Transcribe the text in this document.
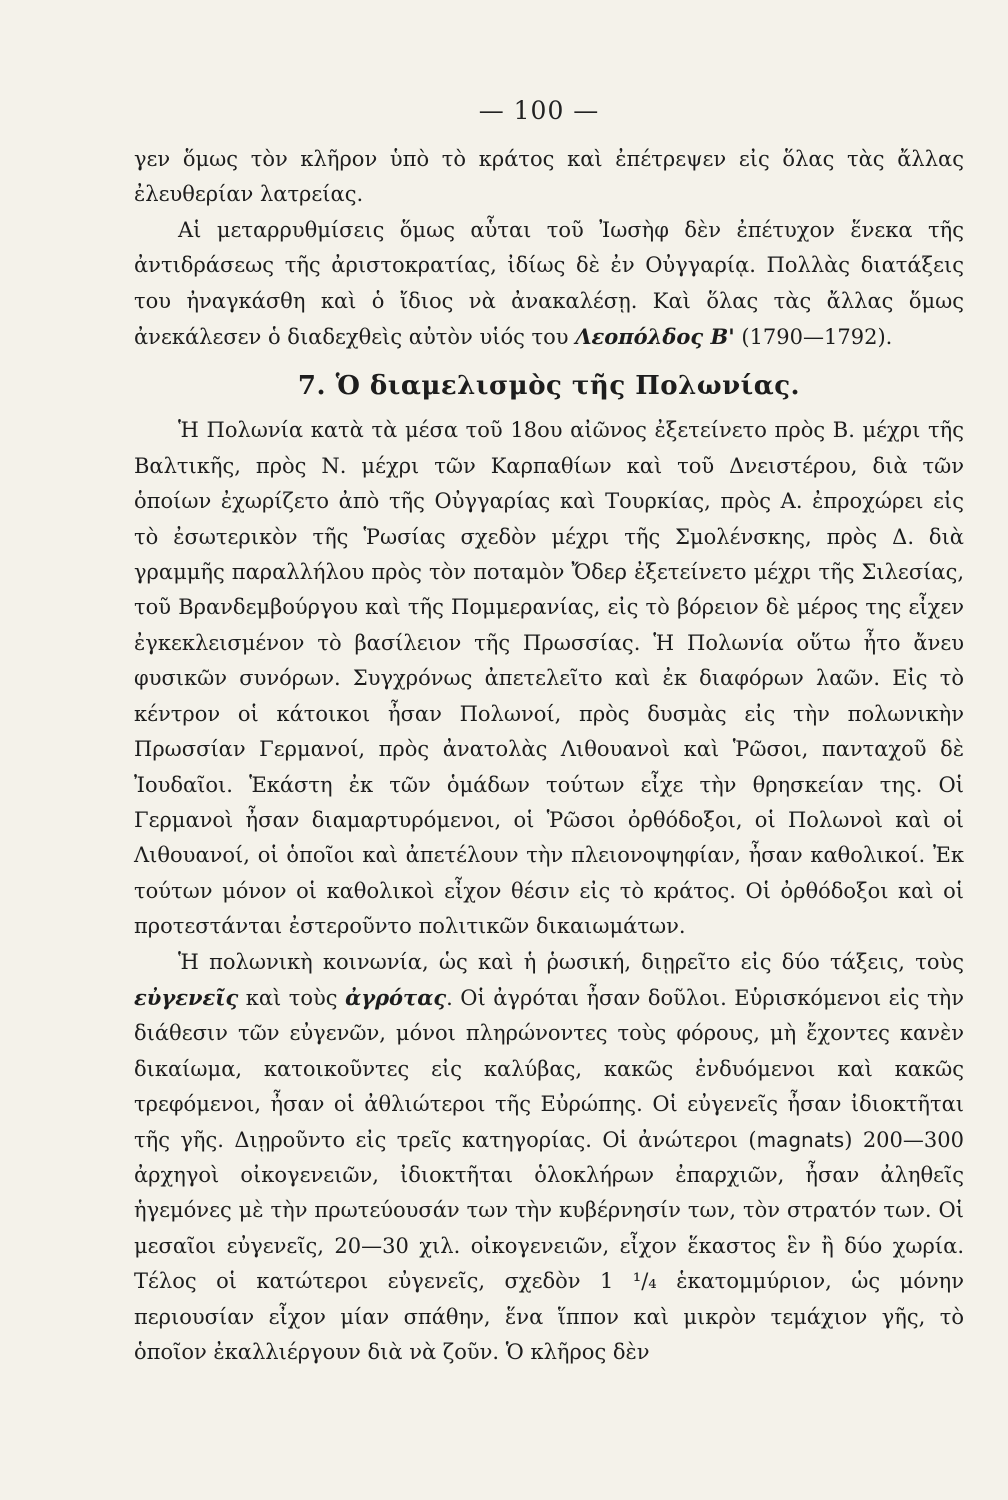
— 100 —

γεν ὅμως τὸν κλῆρον ὑπὸ τὸ κράτος καὶ ἐπέτρεψεν εἰς ὅλας τὰς ἄλλας ἐλευθερίαν λατρείας.

Αἱ μεταρρυθμίσεις ὅμως αὗται τοῦ Ἰωσὴφ δὲν ἐπέτυχον ἕνεκα τῆς ἀντιδράσεως τῆς ἀριστοκρατίας, ἰδίως δὲ ἐν Οὐγγαρίᾳ. Πολλὰς διατάξεις του ἠναγκάσθη καὶ ὁ ἴδιος νὰ ἀνακαλέσῃ. Καὶ ὅλας τὰς ἄλλας ὅμως ἀνεκάλεσεν ὁ διαδεχθεὶς αὐτὸν υἱός του Λεοπόλδος Β' (1790—1792).

7. Ὁ διαμελισμὸς τῆς Πολωνίας.

Ἡ Πολωνία κατὰ τὰ μέσα τοῦ 18ου αἰῶνος ἐξετείνετο πρὸς Β. μέχρι τῆς Βαλτικῆς, πρὸς Ν. μέχρι τῶν Καρπαθίων καὶ τοῦ Δνειστέρου, διὰ τῶν ὁποίων ἐχωρίζετο ἀπὸ τῆς Οὐγγαρίας καὶ Τουρκίας, πρὸς Α. ἐπροχώρει εἰς τὸ ἐσωτερικὸν τῆς Ῥωσίας σχεδὸν μέχρι τῆς Σμολένσκης, πρὸς Δ. διὰ γραμμῆς παραλλήλου πρὸς τὸν ποταμὸν Ὄδερ ἐξετείνετο μέχρι τῆς Σιλεσίας, τοῦ Βρανδεμβούργου καὶ τῆς Πομμερανίας, εἰς τὸ βόρειον δὲ μέρος της εἶχεν ἐγκεκλεισμένον τὸ βασίλειον τῆς Πρωσσίας. Ἡ Πολωνία οὕτω ἦτο ἄνευ φυσικῶν συνόρων. Συγχρόνως ἀπετελεῖτο καὶ ἐκ διαφόρων λαῶν. Εἰς τὸ κέντρον οἱ κάτοικοι ἦσαν Πολωνοί, πρὸς δυσμὰς εἰς τὴν πολωνικὴν Πρωσσίαν Γερμανοί, πρὸς ἀνατολὰς Λιθουανοὶ καὶ Ῥῶσοι, πανταχοῦ δὲ Ἰουδαῖοι. Ἑκάστη ἐκ τῶν ὁμάδων τούτων εἶχε τὴν θρησκείαν της. Οἱ Γερμανοὶ ἦσαν διαμαρτυρόμενοι, οἱ Ῥῶσοι ὀρθόδοξοι, οἱ Πολωνοὶ καὶ οἱ Λιθουανοί, οἱ ὁποῖοι καὶ ἀπετέλουν τὴν πλειονοψηφίαν, ἦσαν καθολικοί. Ἐκ τούτων μόνον οἱ καθολικοὶ εἶχον θέσιν εἰς τὸ κράτος. Οἱ ὀρθόδοξοι καὶ οἱ προτεστάνται ἐστεροῦντο πολιτικῶν δικαιωμάτων.

Ἡ πολωνικὴ κοινωνία, ὡς καὶ ἡ ῥωσική, διῃρεῖτο εἰς δύο τάξεις, τοὺς εὐγενεῖς καὶ τοὺς ἀγρότας. Οἱ ἀγρόται ἦσαν δοῦλοι. Εὑρισκόμενοι εἰς τὴν διάθεσιν τῶν εὐγενῶν, μόνοι πληρώνοντες τοὺς φόρους, μὴ ἔχοντες κανὲν δικαίωμα, κατοικοῦντες εἰς καλύβας, κακῶς ἐνδυόμενοι καὶ κακῶς τρεφόμενοι, ἦσαν οἱ ἀθλιώτεροι τῆς Εὐρώπης. Οἱ εὐγενεῖς ἦσαν ἰδιοκτῆται τῆς γῆς. Διῃροῦντο εἰς τρεῖς κατηγορίας. Οἱ ἀνώτεροι (magnats) 200—300 ἀρχηγοὶ οἰκογενειῶν, ἰδιοκτῆται ὁλοκλήρων ἐπαρχιῶν, ἦσαν ἀληθεῖς ἡγεμόνες μὲ τὴν πρωτεύουσάν των τὴν κυβέρνησίν των, τὸν στρατόν των. Οἱ μεσαῖοι εὐγενεῖς, 20—30 χιλ. οἰκογενειῶν, εἶχον ἕκαστος ἓν ἢ δύο χωρία. Τέλος οἱ κατώτεροι εὐγενεῖς, σχεδὸν 1 ¹/₄ ἑκατομμύριον, ὡς μόνην περιουσίαν εἶχον μίαν σπάθην, ἕνα ἵππον καὶ μικρὸν τεμάχιον γῆς, τὸ ὁποῖον ἐκαλλιέργουν διὰ νὰ ζοῦν. Ὁ κλῆρος δὲν
